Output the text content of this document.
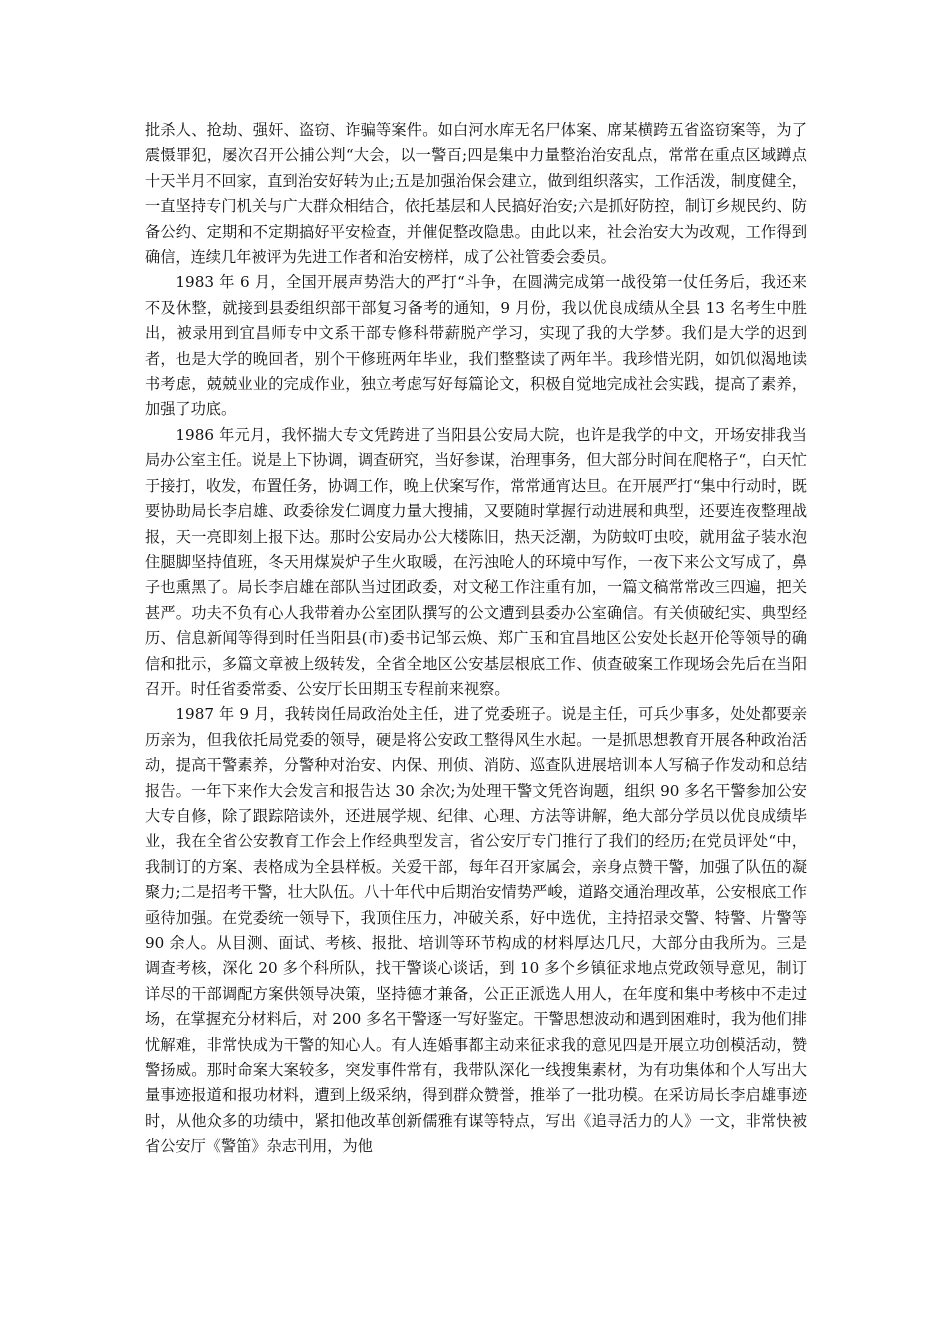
批杀人、抢劫、强奸、盗窃、诈骗等案件。如白河水库无名尸体案、席某横跨五省盗窃案等，为了震慑罪犯，屡次召开公捕公判“大会，以一警百;四是集中力量整治治安乱点，常常在重点区域蹲点十天半月不回家，直到治安好转为止;五是加强治保会建立，做到组织落实，工作活泼，制度健全，一直坚持专门机关与广大群众相结合，依托基层和人民搞好治安;六是抓好防控，制订乡规民约、防备公约、定期和不定期搞好平安检查，并催促整改隐患。由此以来，社会治安大为改观，工作得到确信，连续几年被评为先进工作者和治安榜样，成了公社管委会委员。

1983 年 6 月，全国开展声势浩大的严打“斗争，在圆满完成第一战役第一仗任务后，我还来不及休整，就接到县委组织部干部复习备考的通知，9 月份，我以优良成绩从全县 13 名考生中胜出，被录用到宜昌师专中文系干部专修科带薪脱产学习，实现了我的大学梦。我们是大学的迟到者，也是大学的晚回者，别个干修班两年毕业，我们整整读了两年半。我珍惜光阴，如饥似渴地读书考虑，兢兢业业的完成作业，独立考虑写好每篇论文，积极自觉地完成社会实践，提高了素养，加强了功底。

1986 年元月，我怀揣大专文凭跨进了当阳县公安局大院，也许是我学的中文，开场安排我当局办公室主任。说是上下协调，调查研究，当好参谋，治理事务，但大部分时间在爬格子“，白天忙于接打，收发，布置任务，协调工作，晚上伏案写作，常常通宵达旦。在开展严打“集中行动时，既要协助局长李启雄、政委徐发仁调度力量大搜捕，又要随时掌握行动进展和典型，还要连夜整理战报，天一亮即刻上报下达。那时公安局办公大楼陈旧，热天泛潮，为防蚊叮虫咬，就用盆子装水泡住腿脚坚持值班，冬天用煤炭炉子生火取暖，在污浊呛人的环境中写作，一夜下来公文写成了，鼻子也熏黑了。局长李启雄在部队当过团政委，对文秘工作注重有加，一篇文稿常常改三四遍，把关甚严。功夫不负有心人我带着办公室团队撰写的公文遭到县委办公室确信。有关侦破纪实、典型经历、信息新闻等得到时任当阳县(市)委书记邹云焕、郑广玉和宜昌地区公安处长赵开伦等领导的确信和批示，多篇文章被上级转发，全省全地区公安基层根底工作、侦查破案工作现场会先后在当阳召开。时任省委常委、公安厅长田期玉专程前来视察。

1987 年 9 月，我转岗任局政治处主任，进了党委班子。说是主任，可兵少事多，处处都要亲历亲为，但我依托局党委的领导，硬是将公安政工整得风生水起。一是抓思想教育开展各种政治活动，提高干警素养，分警种对治安、内保、刑侦、消防、巡查队进展培训本人写稿子作发动和总结报告。一年下来作大会发言和报告达 30 余次;为处理干警文凭咨询题，组织 90 多名干警参加公安大专自修，除了跟踪陪读外，还进展学规、纪律、心理、方法等讲解，绝大部分学员以优良成绩毕业，我在全省公安教育工作会上作经典型发言，省公安厅专门推行了我们的经历;在党员评处“中，我制订的方案、表格成为全县样板。关爱干部，每年召开家属会，亲身点赞干警，加强了队伍的凝聚力;二是招考干警，壮大队伍。八十年代中后期治安情势严峻，道路交通治理改革，公安根底工作亟待加强。在党委统一领导下，我顶住压力，冲破关系，好中选优，主持招录交警、特警、片警等 90 余人。从目测、面试、考核、报批、培训等环节构成的材料厚达几尺，大部分由我所为。三是调查考核，深化 20 多个科所队，找干警谈心谈话，到 10 多个乡镇征求地点党政领导意见，制订详尽的干部调配方案供领导决策，坚持德才兼备，公正正派选人用人，在年度和集中考核中不走过场，在掌握充分材料后，对 200 多名干警逐一写好鉴定。干警思想波动和遇到困难时，我为他们排忧解难，非常快成为干警的知心人。有人连婚事都主动来征求我的意见四是开展立功创模活动，赞警扬威。那时命案大案较多，突发事件常有，我带队深化一线搜集素材，为有功集体和个人写出大量事迹报道和报功材料，遭到上级采纳，得到群众赞誉，推举了一批功模。在采访局长李启雄事迹时，从他众多的功绩中，紧扣他改革创新儒雅有谋等特点，写出《追寻活力的人》一文，非常快被省公安厅《警笛》杂志刊用，为他
